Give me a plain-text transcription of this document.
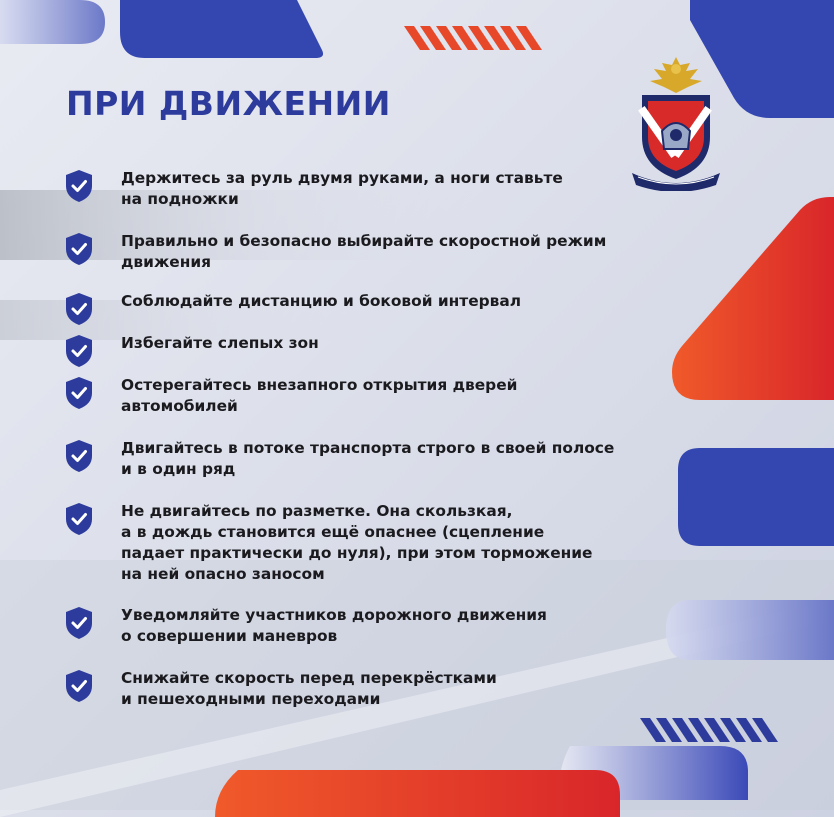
ПРИ ДВИЖЕНИИ
Держитесь за руль двумя руками, а ноги ставьте
на подножки
Правильно и безопасно выбирайте скоростной режим
движения
Соблюдайте дистанцию и боковой интервал
Избегайте слепых зон
Остерегайтесь внезапного открытия дверей
автомобилей
Двигайтесь в потоке транспорта строго в своей полосе
и в один ряд
Не двигайтесь по разметке. Она скользкая,
а в дождь становится ещё опаснее (сцепление
падает практически до нуля), при этом торможение
на ней опасно заносом
Уведомляйте участников дорожного движения
о совершении маневров
Снижайте скорость перед перекрёстками
и пешеходными переходами
